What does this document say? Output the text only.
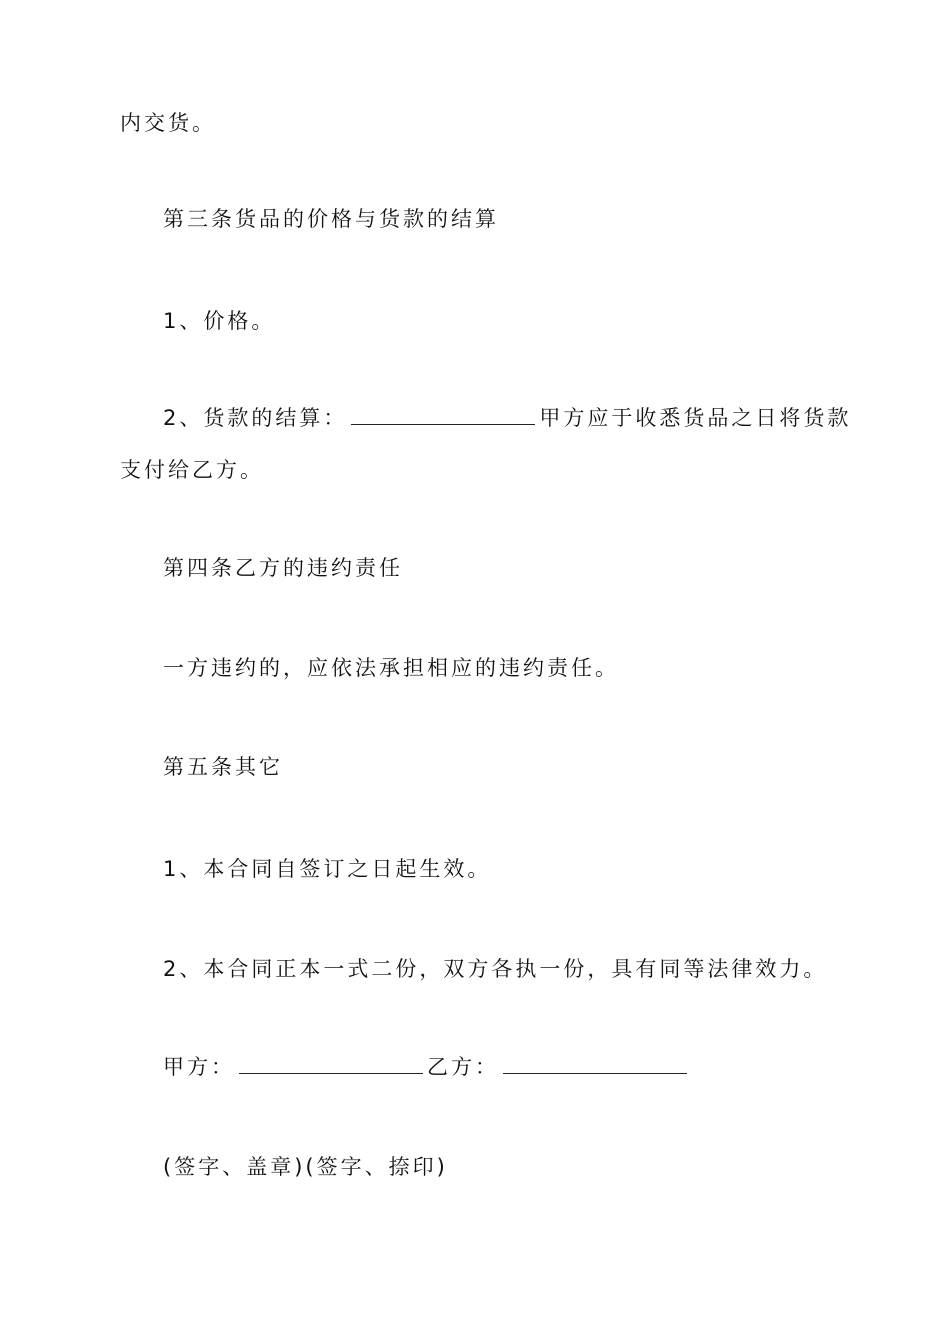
内交货。
第三条货品的价格与货款的结算
1、价格。
2、货款的结算：	甲方应于收悉货品之日将货款
支付给乙方。
第四条乙方的违约责任
一方违约的，应依法承担相应的违约责任。
第五条其它
1、本合同自签订之日起生效。
2、本合同正本一式二份，双方各执一份，具有同等法律效力。
甲方：	乙方：
(签字、盖章)(签字、捺印)
